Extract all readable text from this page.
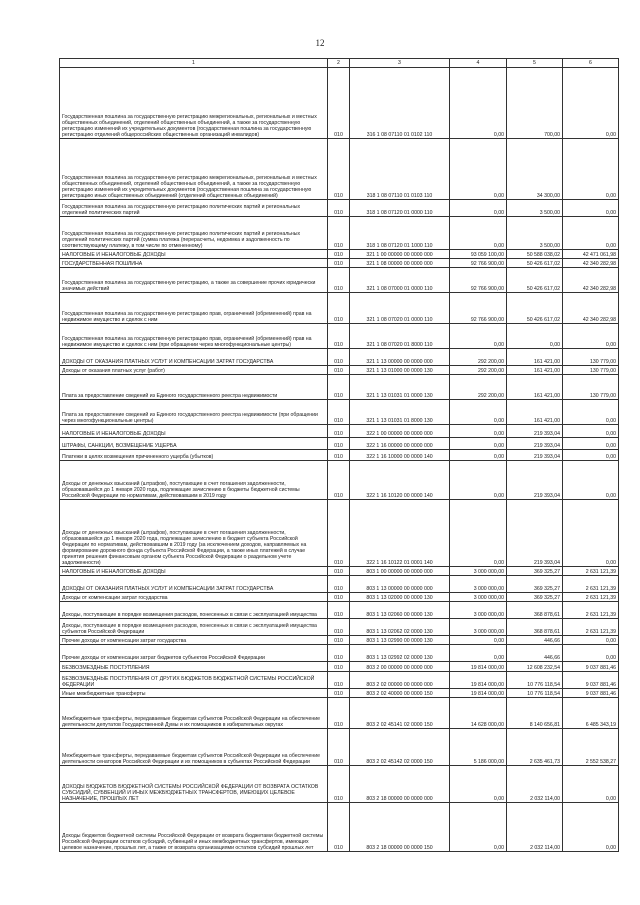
12
1	2	3	4	5	6
Государственная пошлина за государственную регистрацию межрегиональных, региональных и местных общественных объединений, отделений общественных объединений, а также за государственную регистрацию изменений их учредительных документов (государственная пошлина за государственную регистрацию отделений общероссийских общественных организаций инвалидов)	010	316 1 08 07110 01 0102 110	0,00	700,00	0,00
Государственная пошлина за государственную регистрацию межрегиональных, региональных и местных общественных объединений, отделений общественных объединений, а также за государственную регистрацию изменений их учредительных документов (государственная пошлина за государственную регистрацию иных общественных объединений (отделений общественных объединений)	010	318 1 08 07110 01 0103 110	0,00	34 300,00	0,00
Государственная пошлина за государственную регистрацию политических партий и региональных отделений политических партий	010	318 1 08 07120 01 0000 110	0,00	3 500,00	0,00
Государственная пошлина за государственную регистрацию политических партий и региональных отделений политических партий (сумма платежа (перерасчеты, недоимка и задолженность по соответствующему платежу, в том числе по отмененному)	010	318 1 08 07120 01 1000 110	0,00	3 500,00	0,00
НАЛОГОВЫЕ И НЕНАЛОГОВЫЕ ДОХОДЫ	010	321 1 00 00000 00 0000 000	93 059 100,00	50 588 038,02	42 471 061,98
ГОСУДАРСТВЕННАЯ ПОШЛИНА	010	321 1 08 00000 00 0000 000	92 766 900,00	50 426 617,02	42 340 282,98
Государственная пошлина за государственную регистрацию, а также за совершение прочих юридически значимых действий	010	321 1 08 07000 01 0000 110	92 766 900,00	50 426 617,02	42 340 282,98
Государственная пошлина за государственную регистрацию прав, ограничений (обременений) прав на недвижимое имущество и сделок с ним	010	321 1 08 07020 01 0000 110	92 766 900,00	50 426 617,02	42 340 282,98
Государственная пошлина за государственную регистрацию прав, ограничений (обременений) прав на недвижимое имущество и сделок с ним (при обращении через многофункциональные центры)	010	321 1 08 07020 01 8000 110	0,00	0,00	0,00
ДОХОДЫ ОТ ОКАЗАНИЯ ПЛАТНЫХ УСЛУГ И КОМПЕНСАЦИИ ЗАТРАТ ГОСУДАРСТВА	010	321 1 13 00000 00 0000 000	292 200,00	161 421,00	130 779,00
Доходы от оказания платных услуг (работ)	010	321 1 13 01000 00 0000 130	292 200,00	161 421,00	130 779,00
Плата за предоставление сведений из Единого государственного реестра недвижимости	010	321 1 13 01031 01 0000 130	292 200,00	161 421,00	130 779,00
Плата за предоставление сведений из Единого государственного реестра недвижимости (при обращении через многофункциональные центры)	010	321 1 13 01031 01 8000 130	0,00	161 421,00	0,00
НАЛОГОВЫЕ И НЕНАЛОГОВЫЕ ДОХОДЫ	010	322 1 00 00000 00 0000 000	0,00	219 393,04	0,00
ШТРАФЫ, САНКЦИИ, ВОЗМЕЩЕНИЕ УЩЕРБА	010	322 1 16 00000 00 0000 000	0,00	219 393,04	0,00
Платежи в целях возмещения причиненного ущерба (убытков)	010	322 1 16 10000 00 0000 140	0,00	219 393,04	0,00
Доходы от денежных взысканий (штрафов), поступающие в счет погашения задолженности, образовавшейся до 1 января 2020 года, подлежащие зачислению в бюджеты бюджетной системы Российской Федерации по нормативам, действовавшим в 2019 году	010	322 1 16 10120 00 0000 140	0,00	219 393,04	0,00
Доходы от денежных взысканий (штрафов), поступающие в счет погашения задолженности, образовавшейся до 1 января 2020 года, подлежащие зачислению в бюджет субъекта Российской Федерации по нормативам, действовавшим в 2019 году (за исключением доходов, направляемых на формирование дорожного фонда субъекта Российской Федерации, а также иных платежей в случае принятия решения финансовым органом субъекта Российской Федерации о раздельном учете задолженности)	010	322 1 16 10122 01 0001 140	0,00	219 393,04	0,00
НАЛОГОВЫЕ И НЕНАЛОГОВЫЕ ДОХОДЫ	010	803 1 00 00000 00 0000 000	3 000 000,00	369 325,27	2 631 121,39
ДОХОДЫ ОТ ОКАЗАНИЯ ПЛАТНЫХ УСЛУГ И КОМПЕНСАЦИИ ЗАТРАТ ГОСУДАРСТВА	010	803 1 13 00000 00 0000 000	3 000 000,00	369 325,27	2 631 121,39
Доходы от компенсации затрат государства	010	803 1 13 02000 00 0000 130	3 000 000,00	369 325,27	2 631 121,39
Доходы, поступающие в порядке возмещения расходов, понесенных в связи с эксплуатацией имущества	010	803 1 13 02060 00 0000 130	3 000 000,00	368 878,61	2 631 121,39
Доходы, поступающие в порядке возмещения расходов, понесенных в связи с эксплуатацией имущества субъектов Российской Федерации	010	803 1 13 02062 02 0000 130	3 000 000,00	368 878,61	2 631 121,39
Прочие доходы от компенсации затрат государства	010	803 1 13 02990 00 0000 130	0,00	446,66	0,00
Прочие доходы от компенсации затрат бюджетов субъектов Российской Федерации	010	803 1 13 02992 02 0000 130	0,00	446,66	0,00
БЕЗВОЗМЕЗДНЫЕ ПОСТУПЛЕНИЯ	010	803 2 00 00000 00 0000 000	19 814 000,00	12 608 232,54	9 037 881,46
БЕЗВОЗМЕЗДНЫЕ ПОСТУПЛЕНИЯ ОТ ДРУГИХ БЮДЖЕТОВ БЮДЖЕТНОЙ СИСТЕМЫ РОССИЙСКОЙ ФЕДЕРАЦИИ	010	803 2 02 00000 00 0000 000	19 814 000,00	10 776 118,54	9 037 881,46
Иные межбюджетные трансферты	010	803 2 02 40000 00 0000 150	19 814 000,00	10 776 118,54	9 037 881,46
Межбюджетные трансферты, передаваемые бюджетам субъектов Российской Федерации на обеспечение деятельности депутатов Государственной Думы и их помощников в избирательных округах	010	803 2 02 45141 02 0000 150	14 628 000,00	8 140 656,81	6 485 343,19
Межбюджетные трансферты, передаваемые бюджетам субъектов Российской Федерации на обеспечение деятельности сенаторов Российской Федерации и их помощников в субъектах Российской Федерации	010	803 2 02 45142 02 0000 150	5 186 000,00	2 635 461,73	2 552 538,27
ДОХОДЫ БЮДЖЕТОВ БЮДЖЕТНОЙ СИСТЕМЫ РОССИЙСКОЙ ФЕДЕРАЦИИ ОТ ВОЗВРАТА ОСТАТКОВ СУБСИДИЙ, СУБВЕНЦИЙ И ИНЫХ МЕЖБЮДЖЕТНЫХ ТРАНСФЕРТОВ, ИМЕЮЩИХ ЦЕЛЕВОЕ НАЗНАЧЕНИЕ, ПРОШЛЫХ ЛЕТ	010	803 2 18 00000 00 0000 000	0,00	2 032 114,00	0,00
Доходы бюджетов бюджетной системы Российской Федерации от возврата бюджетами бюджетной системы Российской Федерации остатков субсидий, субвенций и иных межбюджетных трансфертов, имеющих целевое назначение, прошлых лет, а также от возврата организациями остатков субсидий прошлых лет	010	803 2 18 00000 00 0000 150	0,00	2 032 114,00	0,00
